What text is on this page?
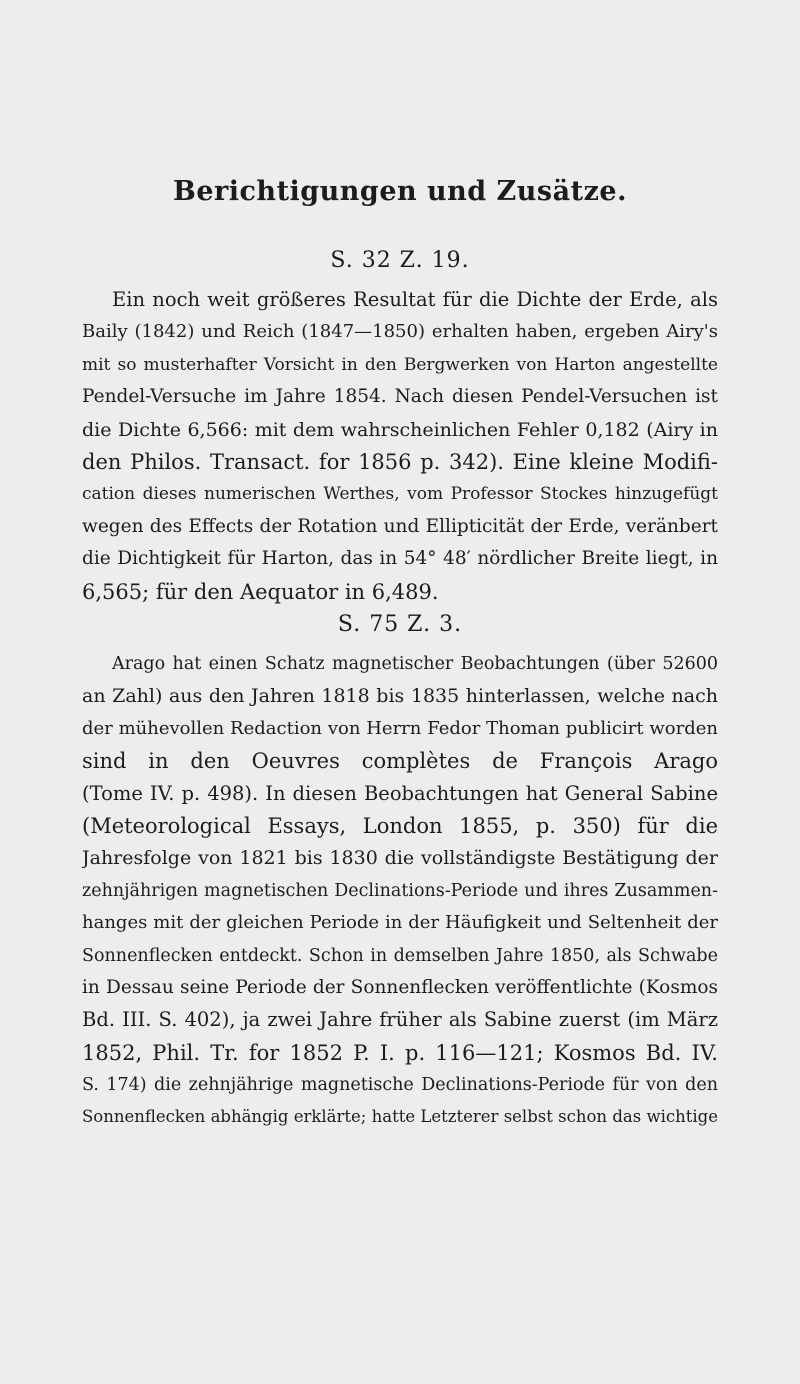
Berichtigungen und Zusätze.
S. 32 Z. 19.
Ein noch weit größeres Resultat für die Dichte der Erde, als
Baily (1842) und Reich (1847—1850) erhalten haben, ergeben Airy's
mit so musterhafter Vorsicht in den Bergwerken von Harton angestellte
Pendel-Versuche im Jahre 1854. Nach diesen Pendel-Versuchen ist
die Dichte 6,566: mit dem wahrscheinlichen Fehler 0,182 (Airy in
den Philos. Transact. for 1856 p. 342). Eine kleine Modifi-
cation dieses numerischen Werthes, vom Professor Stockes hinzugefügt
wegen des Effects der Rotation und Ellipticität der Erde, veränbert
die Dichtigkeit für Harton, das in 54° 48′ nördlicher Breite liegt, in
6,565; für den Aequator in 6,489.
S. 75 Z. 3.
Arago hat einen Schatz magnetischer Beobachtungen (über 52600
an Zahl) aus den Jahren 1818 bis 1835 hinterlassen, welche nach
der mühevollen Redaction von Herrn Fedor Thoman publicirt worden
sind in den Oeuvres complètes de François Arago
(Tome IV. p. 498). In diesen Beobachtungen hat General Sabine
(Meteorological Essays, London 1855, p. 350) für die
Jahresfolge von 1821 bis 1830 die vollständigste Bestätigung der
zehnjährigen magnetischen Declinations-Periode und ihres Zusammen-
hanges mit der gleichen Periode in der Häufigkeit und Seltenheit der
Sonnenflecken entdeckt. Schon in demselben Jahre 1850, als Schwabe
in Dessau seine Periode der Sonnenflecken veröffentlichte (Kosmos
Bd. III. S. 402), ja zwei Jahre früher als Sabine zuerst (im März
1852, Phil. Tr. for 1852 P. I. p. 116—121; Kosmos Bd. IV.
S. 174) die zehnjährige magnetische Declinations-Periode für von den
Sonnenflecken abhängig erklärte; hatte Letzterer selbst schon das wichtige
